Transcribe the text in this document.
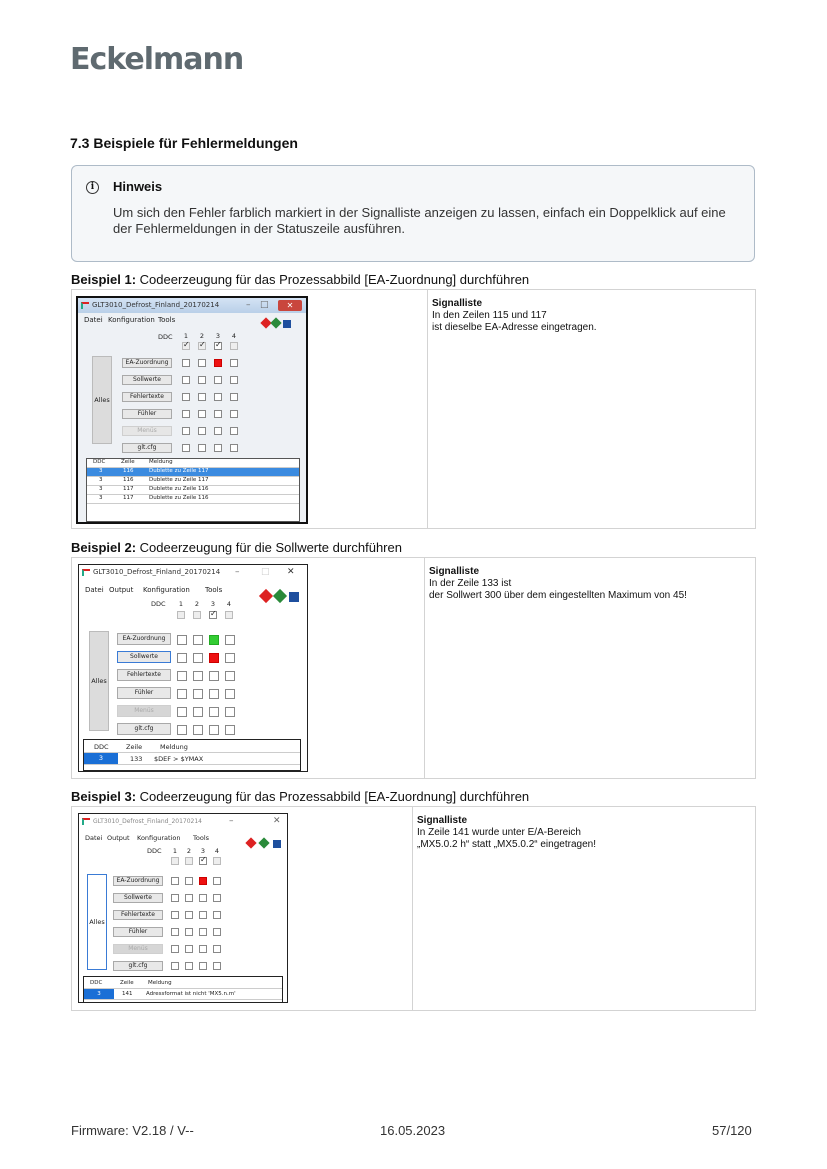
Eckelmann
7.3 Beispiele für Fehlermeldungen
i	Hinweis
Um sich den Fehler farblich markiert in der Signalliste anzeigen zu lassen, einfach ein Doppelklick auf eine der Fehlermeldungen in der Statuszeile ausführen.
Beispiel 1: Codeerzeugung für das Prozessabbild [EA-Zuordnung] durchführen
Signalliste
In den Zeilen 115 und 117
ist dieselbe EA-Adresse eingetragen.
GLT3010_Defrost_Finland_20170214	– □	✕
Datei Konfiguration Tools
DDC 1 2 3 4
✓
✓
✓
Alles
EA-Zuordnung
Sollwerte
Fehlertexte
Fühler
Menüs
glt.cfg
DDC	Zeile	Meldung
3	116	Dublette zu Zeile 117
3	116	Dublette zu Zeile 117
3	117	Dublette zu Zeile 116
3	117	Dublette zu Zeile 116
Beispiel 2: Codeerzeugung für die Sollwerte durchführen
Signalliste
In der Zeile 133 ist
der Sollwert 300 über dem eingestellten Maximum von 45!
GLT3010_Defrost_Finland_20170214 – □ ✕
Datei Output Konfiguration Tools
DDC 1 2 3 4
✓
Alles
EA-Zuordnung
Sollwerte
Fehlertexte
Fühler
Menüs
glt.cfg
DDC	Zeile	Meldung
3	133 $DEF > $YMAX
Beispiel 3: Codeerzeugung für das Prozessabbild [EA-Zuordnung] durchführen
Signalliste
In Zeile 141 wurde unter E/A-Bereich
„MX5.0.2 h“ statt „MX5.0.2“ eingetragen!
GLT3010_Defrost_Finland_20170214	–	✕
Datei Output Konfiguration Tools
DDC 1 2 3 4
✓
Alles
EA-Zuordnung
Sollwerte
Fehlertexte
Fühler
Menüs
glt.cfg
DDC	Zeile	Meldung
3	141 Adressformat ist nicht 'MX5.n.m'
Firmware: V2.18 / V--	16.05.2023	57/120
